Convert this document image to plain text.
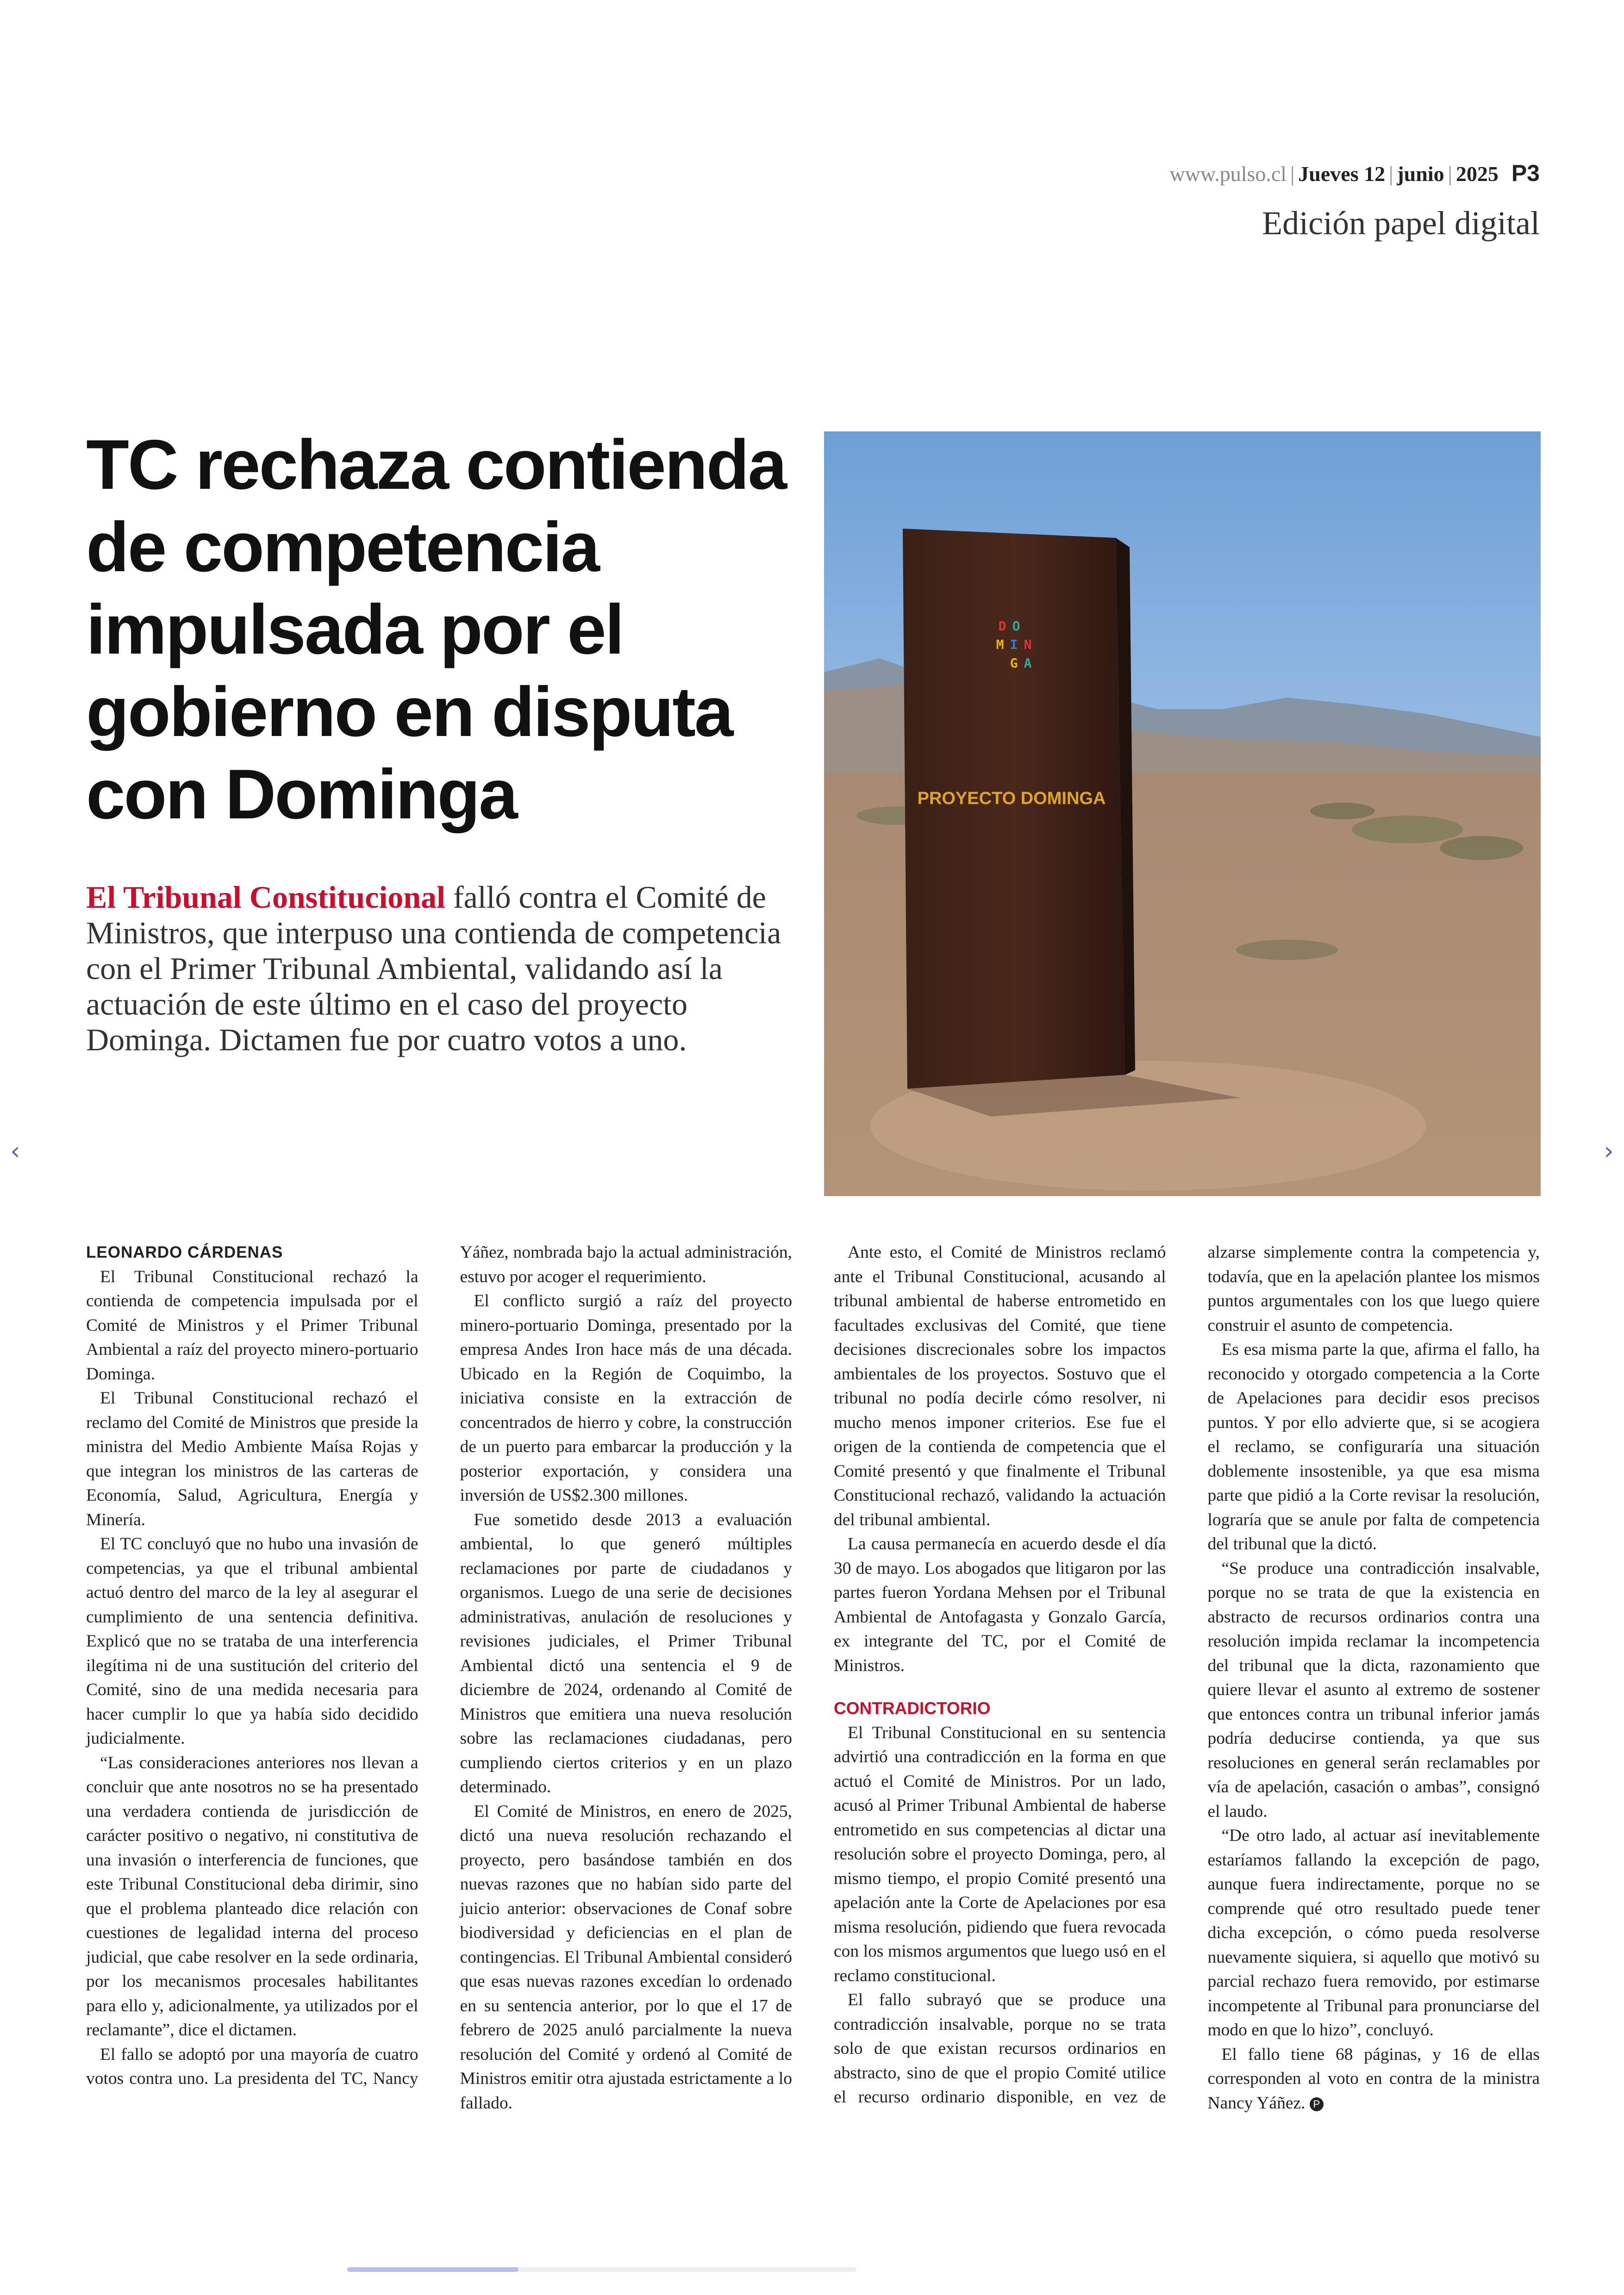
www.pulso.cl | Jueves 12 | junio | 2025 P3
Edición papel digital
TC rechaza contienda de competencia impulsada por el gobierno en disputa con Dominga
El Tribunal Constitucional falló contra el Comité de Ministros, que interpuso una contienda de competencia con el Primer Tribunal Ambiental, validando así la actuación de este último en el caso del proyecto Dominga. Dictamen fue por cuatro votos a uno.
D O
M I N
G A
PROYECTO DOMINGA
‹	›

LEONARDO CÁRDENAS

El Tribunal Constitucional rechazó la contienda de competencia impulsada por el Comité de Ministros y el Primer Tribunal Ambiental a raíz del proyecto minero-portuario Dominga.

El Tribunal Constitucional rechazó el reclamo del Comité de Ministros que preside la ministra del Medio Ambiente Maísa Rojas y que integran los ministros de las carteras de Economía, Salud, Agricultura, Energía y Minería.

El TC concluyó que no hubo una invasión de competencias, ya que el tribunal ambiental actuó dentro del marco de la ley al asegurar el cumplimiento de una sentencia definitiva. Explicó que no se trataba de una interferencia ilegítima ni de una sustitución del criterio del Comité, sino de una medida necesaria para hacer cumplir lo que ya había sido decidido judicialmente.

“Las consideraciones anteriores nos llevan a concluir que ante nosotros no se ha presentado una verdadera contienda de jurisdicción de carácter positivo o negativo, ni constitutiva de una invasión o interferencia de funciones, que este Tribunal Constitucional deba dirimir, sino que el problema planteado dice relación con cuestiones de legalidad interna del proceso judicial, que cabe resolver en la sede ordinaria, por los mecanismos procesales habilitantes para ello y, adicionalmente, ya utilizados por el reclamante”, dice el dictamen.

El fallo se adoptó por una mayoría de cuatro votos contra uno. La presidenta del TC, Nancy Yáñez, nombrada bajo la actual administración, estuvo por acoger el requerimiento.

El conflicto surgió a raíz del proyecto minero-portuario Dominga, presentado por la empresa Andes Iron hace más de una década. Ubicado en la Región de Coquimbo, la iniciativa consiste en la extracción de concentrados de hierro y cobre, la construcción de un puerto para embarcar la producción y la posterior exportación, y considera una inversión de US$2.300 millones.

Fue sometido desde 2013 a evaluación ambiental, lo que generó múltiples reclamaciones por parte de ciudadanos y organismos. Luego de una serie de decisiones administrativas, anulación de resoluciones y revisiones judiciales, el Primer Tribunal Ambiental dictó una sentencia el 9 de diciembre de 2024, ordenando al Comité de Ministros que emitiera una nueva resolución sobre las reclamaciones ciudadanas, pero cumpliendo ciertos criterios y en un plazo determinado.

El Comité de Ministros, en enero de 2025, dictó una nueva resolución rechazando el proyecto, pero basándose también en dos nuevas razones que no habían sido parte del juicio anterior: observaciones de Conaf sobre biodiversidad y deficiencias en el plan de contingencias. El Tribunal Ambiental consideró que esas nuevas razones excedían lo ordenado en su sentencia anterior, por lo que el 17 de febrero de 2025 anuló parcialmente la nueva resolución del Comité y ordenó al Comité de Ministros emitir otra ajustada estrictamente a lo fallado.

Ante esto, el Comité de Ministros reclamó ante el Tribunal Constitucional, acusando al tribunal ambiental de haberse entrometido en facultades exclusivas del Comité, que tiene decisiones discrecionales sobre los impactos ambientales de los proyectos. Sostuvo que el tribunal no podía decirle cómo resolver, ni mucho menos imponer criterios. Ese fue el origen de la contienda de competencia que el Comité presentó y que finalmente el Tribunal Constitucional rechazó, validando la actuación del tribunal ambiental.

La causa permanecía en acuerdo desde el día 30 de mayo. Los abogados que litigaron por las partes fueron Yordana Mehsen por el Tribunal Ambiental de Antofagasta y Gonzalo García, ex integrante del TC, por el Comité de Ministros.

CONTRADICTORIO

El Tribunal Constitucional en su sentencia advirtió una contradicción en la forma en que actuó el Comité de Ministros. Por un lado, acusó al Primer Tribunal Ambiental de haberse entrometido en sus competencias al dictar una resolución sobre el proyecto Dominga, pero, al mismo tiempo, el propio Comité presentó una apelación ante la Corte de Apelaciones por esa misma resolución, pidiendo que fuera revocada con los mismos argumentos que luego usó en el reclamo constitucional.

El fallo subrayó que se produce una contradicción insalvable, porque no se trata solo de que existan recursos ordinarios en abstracto, sino de que el propio Comité utilice el recurso ordinario disponible, en vez de alzarse simplemente contra la competencia y, todavía, que en la apelación plantee los mismos puntos argumentales con los que luego quiere construir el asunto de competencia.

Es esa misma parte la que, afirma el fallo, ha reconocido y otorgado competencia a la Corte de Apelaciones para decidir esos precisos puntos. Y por ello advierte que, si se acogiera el reclamo, se configuraría una situación doblemente insostenible, ya que esa misma parte que pidió a la Corte revisar la resolución, lograría que se anule por falta de competencia del tribunal que la dictó.

“Se produce una contradicción insalvable, porque no se trata de que la existencia en abstracto de recursos ordinarios contra una resolución impida reclamar la incompetencia del tribunal que la dicta, razonamiento que quiere llevar el asunto al extremo de sostener que entonces contra un tribunal inferior jamás podría deducirse contienda, ya que sus resoluciones en general serán reclamables por vía de apelación, casación o ambas”, consignó el laudo.

“De otro lado, al actuar así inevitablemente estaríamos fallando la excepción de pago, aunque fuera indirectamente, porque no se comprende qué otro resultado puede tener dicha excepción, o cómo pueda resolverse nuevamente siquiera, si aquello que motivó su parcial rechazo fuera removido, por estimarse incompetente al Tribunal para pronunciarse del modo en que lo hizo”, concluyó.

El fallo tiene 68 páginas, y 16 de ellas corresponden al voto en contra de la ministra Nancy Yáñez. P
